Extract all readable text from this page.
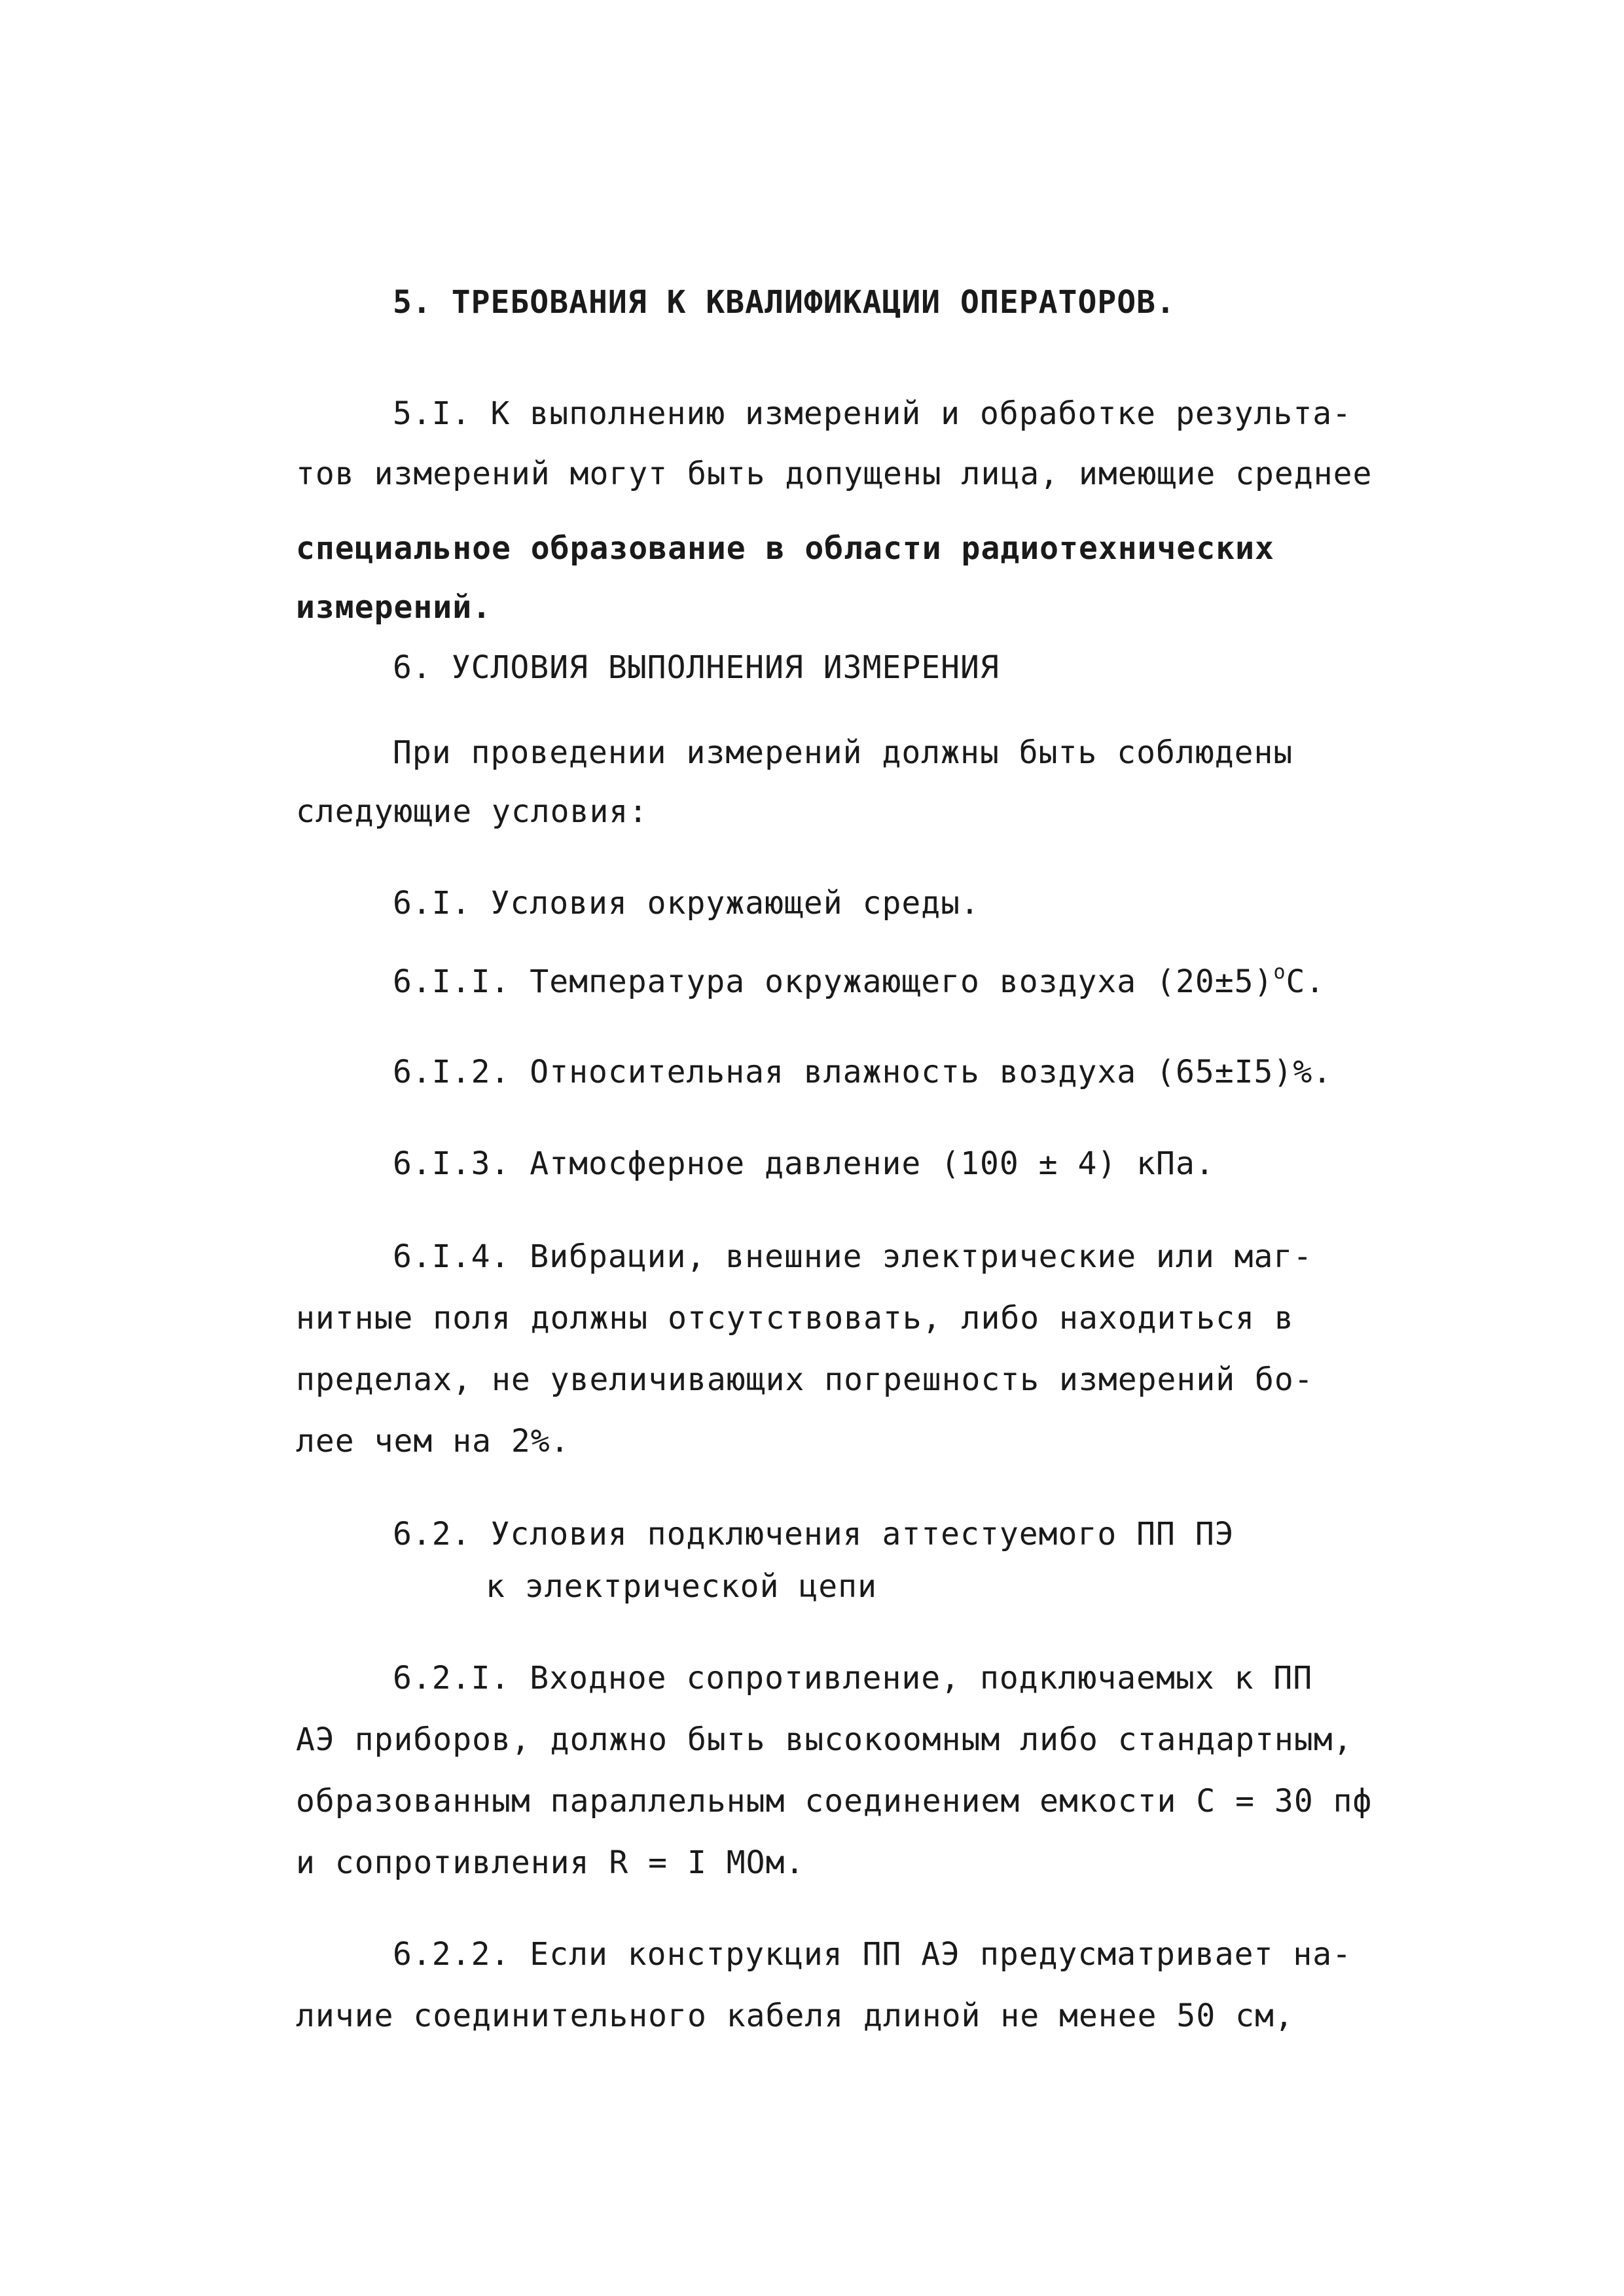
5. ТРЕБОВАНИЯ К КВАЛИФИКАЦИИ ОПЕРАТОРОВ.
5.I. К выполнению измерений и обработке результа-
тов измерений могут быть допущены лица, имеющие среднее
специальное образование в области радиотехнических
измерений.
6. УСЛОВИЯ ВЫПОЛНЕНИЯ ИЗМЕРЕНИЯ
При проведении измерений должны быть соблюдены
следующие условия:
6.I. Условия окружающей среды.
6.I.I. Температура окружающего воздуха $(20\pm 5)^оС$.
6.I.2. Относительная влажность воздуха (65±I5)%.
6.I.3. Атмосферное давление (100 ± 4) кПа.
6.I.4. Вибрации, внешние электрические или маг-
нитные поля должны отсутствовать, либо находиться в
пределах, не увеличивающих погрешность измерений бо-
лее чем на 2%.
6.2. Условия подключения аттестуемого ПП ПЭ
к электрической цепи
6.2.I. Входное сопротивление, подключаемых к ПП
АЭ приборов, должно быть высокоомным либо стандартным,
образованным параллельным соединением емкости С = 30 пф
и сопротивления R = I МОм.
6.2.2. Если конструкция ПП АЭ предусматривает на-
личие соединительного кабеля длиной не менее 50 см,
